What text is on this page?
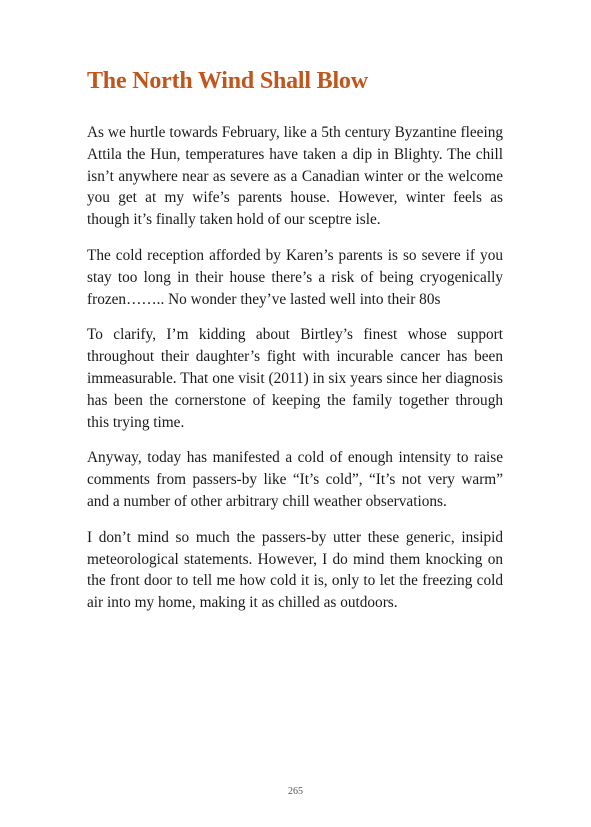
The North Wind Shall Blow

As we hurtle towards February, like a 5th century Byzantine fleeing Attila the Hun, temperatures have taken a dip in Blighty. The chill isn’t anywhere near as severe as a Canadian winter or the welcome you get at my wife’s parents house. However, winter feels as though it’s finally taken hold of our sceptre isle.

The cold reception afforded by Karen’s parents is so severe if you stay too long in their house there’s a risk of being cryogenically frozen…….. No wonder they’ve lasted well into their 80s

To clarify, I’m kidding about Birtley’s finest whose support throughout their daughter’s fight with incurable cancer has been immeasurable. That one visit (2011) in six years since her diagnosis has been the cornerstone of keeping the family together through this trying time.

Anyway, today has manifested a cold of enough intensity to raise comments from passers-by like “It’s cold”, “It’s not very warm” and a number of other arbitrary chill weather observations.

I don’t mind so much the passers-by utter these generic, insipid meteorological statements. However, I do mind them knocking on the front door to tell me how cold it is, only to let the freezing cold air into my home, making it as chilled as outdoors.

265
